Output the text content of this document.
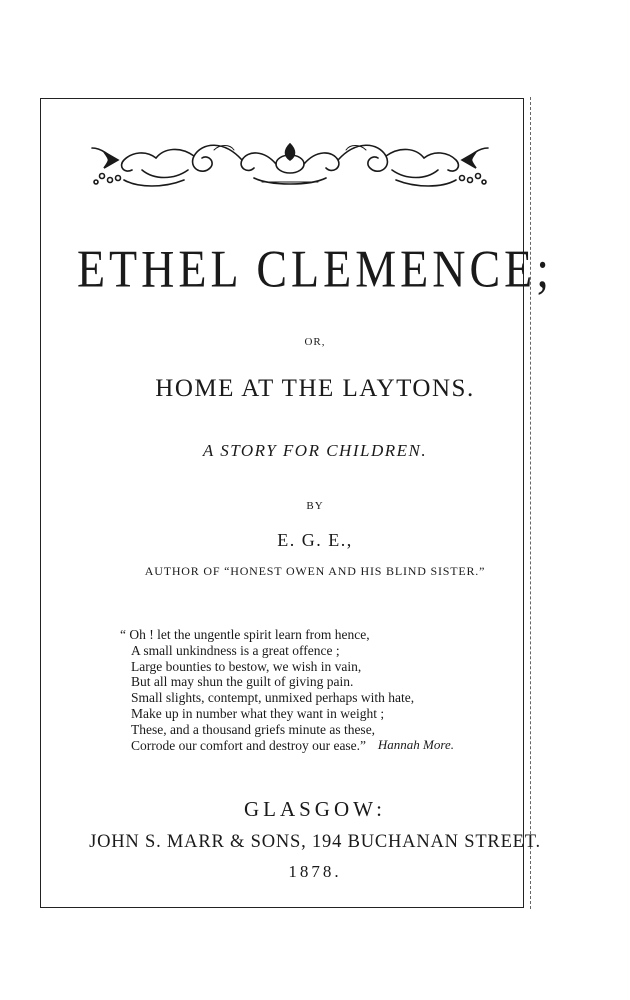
ETHEL CLEMENCE;
OR,
HOME AT THE LAYTONS.
A STORY FOR CHILDREN.
BY
E. G. E.,
AUTHOR OF “HONEST OWEN AND HIS BLIND SISTER.”
“ Oh ! let the ungentle spirit learn from hence,
A small unkindness is a great offence ;
Large bounties to bestow, we wish in vain,
But all may shun the guilt of giving pain.
Small slights, contempt, unmixed perhaps with hate,
Make up in number what they want in weight ;
These, and a thousand griefs minute as these,
Corrode our comfort and destroy our ease.” Hannah More.
GLASGOW:
JOHN S. MARR & SONS, 194 BUCHANAN STREET.
1878.
